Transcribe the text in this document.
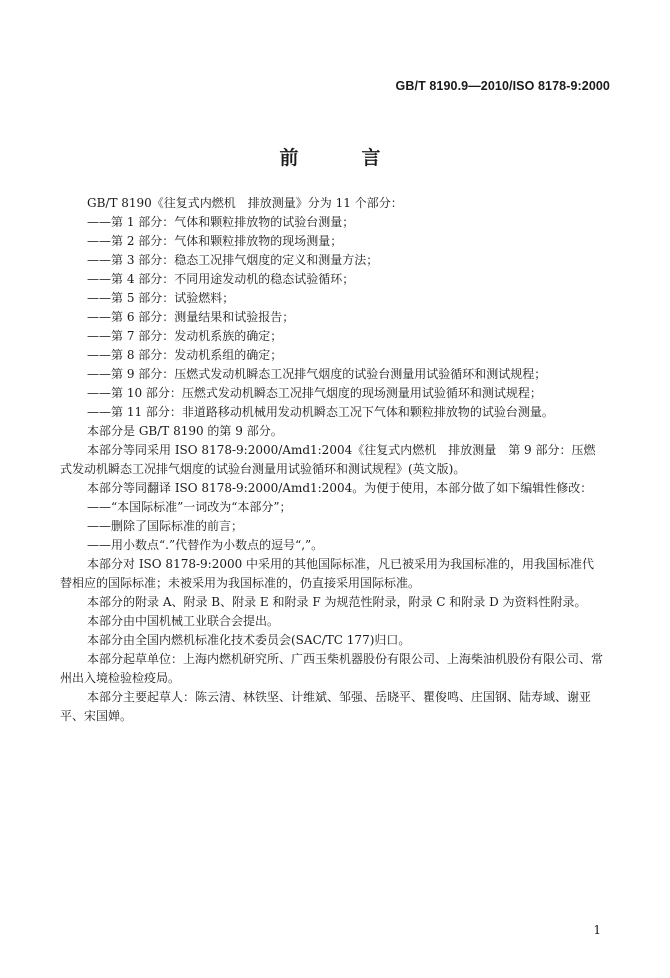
GB/T 8190.9—2010/ISO 8178-9:2000
前　言

GB/T 8190《往复式内燃机　排放测量》分为 11 个部分：

——第 1 部分：气体和颗粒排放物的试验台测量；

——第 2 部分：气体和颗粒排放物的现场测量；

——第 3 部分：稳态工况排气烟度的定义和测量方法；

——第 4 部分：不同用途发动机的稳态试验循环；

——第 5 部分：试验燃料；

——第 6 部分：测量结果和试验报告；

——第 7 部分：发动机系族的确定；

——第 8 部分：发动机系组的确定；

——第 9 部分：压燃式发动机瞬态工况排气烟度的试验台测量用试验循环和测试规程；

——第 10 部分：压燃式发动机瞬态工况排气烟度的现场测量用试验循环和测试规程；

——第 11 部分：非道路移动机械用发动机瞬态工况下气体和颗粒排放物的试验台测量。

本部分是 GB/T 8190 的第 9 部分。

本部分等同采用 ISO 8178-9:2000/Amd1:2004《往复式内燃机　排放测量　第 9 部分：压燃式发动机瞬态工况排气烟度的试验台测量用试验循环和测试规程》(英文版)。

本部分等同翻译 ISO 8178-9:2000/Amd1:2004。为便于使用，本部分做了如下编辑性修改：

——“本国际标准”一词改为“本部分”；

——删除了国际标准的前言；

——用小数点“.”代替作为小数点的逗号“,”。

本部分对 ISO 8178-9:2000 中采用的其他国际标准，凡已被采用为我国标准的，用我国标准代替相应的国际标准；未被采用为我国标准的，仍直接采用国际标准。

本部分的附录 A、附录 B、附录 E 和附录 F 为规范性附录，附录 C 和附录 D 为资料性附录。

本部分由中国机械工业联合会提出。

本部分由全国内燃机标准化技术委员会(SAC/TC 177)归口。

本部分起草单位：上海内燃机研究所、广西玉柴机器股份有限公司、上海柴油机股份有限公司、常州出入境检验检疫局。

本部分主要起草人：陈云清、林铁坚、计维斌、邹强、岳晓平、瞿俊鸣、庄国钢、陆寿域、谢亚平、宋国婵。

1
